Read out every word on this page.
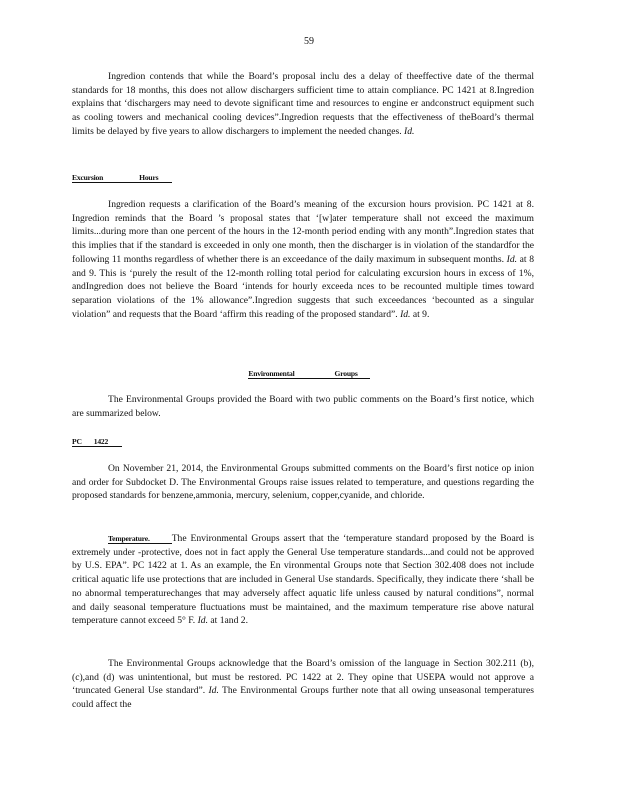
59

Ingredion contends that while the Board’s proposal inclu des a delay of theeffective date of the thermal standards for 18 months, this does not allow dischargers sufficient time to attain compliance. PC 1421 at 8.Ingredion explains that ‘dischargers may need to devote significant time and resources to engine er andconstruct equipment such as cooling towers and mechanical cooling devices”.Ingredion requests that the effectiveness of theBoard’s thermal limits be delayed by five years to allow dischargers to implement the needed changes. Id.

Excursion	Hours

Ingredion requests a clarification of the Board’s meaning of the excursion hours provision. PC 1421 at 8. Ingredion reminds that the Board ’s proposal states that ‘[w]ater temperature shall not exceed the maximum limits...during more than one percent of the hours in the 12-month period ending with any month”.Ingredion states that this implies that if the standard is exceeded in only one month, then the discharger is in violation of the standardfor the following 11 months regardless of whether there is an exceedance of the daily maximum in subsequent months. Id. at 8 and 9. This is ‘purely the result of the 12-month rolling total period for calculating excursion hours in excess of 1%, andIngredion does not believe the Board ‘intends for hourly exceeda nces to be recounted multiple times toward separation violations of the 1% allowance”.Ingredion suggests that such exceedances ‘becounted as a singular violation” and requests that the Board ‘affirm this reading of the proposed standard”. Id. at 9.

Environmental	Groups

The Environmental Groups provided the Board with two public comments on the Board’s first notice, which are summarized below.

PC 1422

On November 21, 2014, the Environmental Groups submitted comments on the Board’s first notice op inion and order for Subdocket D. The Environmental Groups raise issues related to temperature, and questions regarding the proposed standards for benzene,ammonia, mercury, selenium, copper,cyanide, and chloride.

Temperature. The Environmental Groups assert that the ‘temperature standard proposed by the Board is extremely under -protective, does not in fact apply the General Use temperature standards...and could not be approved by U.S. EPA”. PC 1422 at 1. As an example, the En vironmental Groups note that Section 302.408 does not include critical aquatic life use protections that are included in General Use standards. Specifically, they indicate there ‘shall be no abnormal temperaturechanges that may adversely affect aquatic life unless caused by natural conditions”, normal and daily seasonal temperature fluctuations must be maintained, and the maximum temperature rise above natural temperature cannot exceed 5° F. Id. at 1and 2.

The Environmental Groups acknowledge that the Board’s omission of the language in Section 302.211 (b), (c),and (d) was unintentional, but must be restored. PC 1422 at 2. They opine that USEPA would not approve a ‘truncated General Use standard”. Id. The Environmental Groups further note that all owing unseasonal temperatures could affect the
